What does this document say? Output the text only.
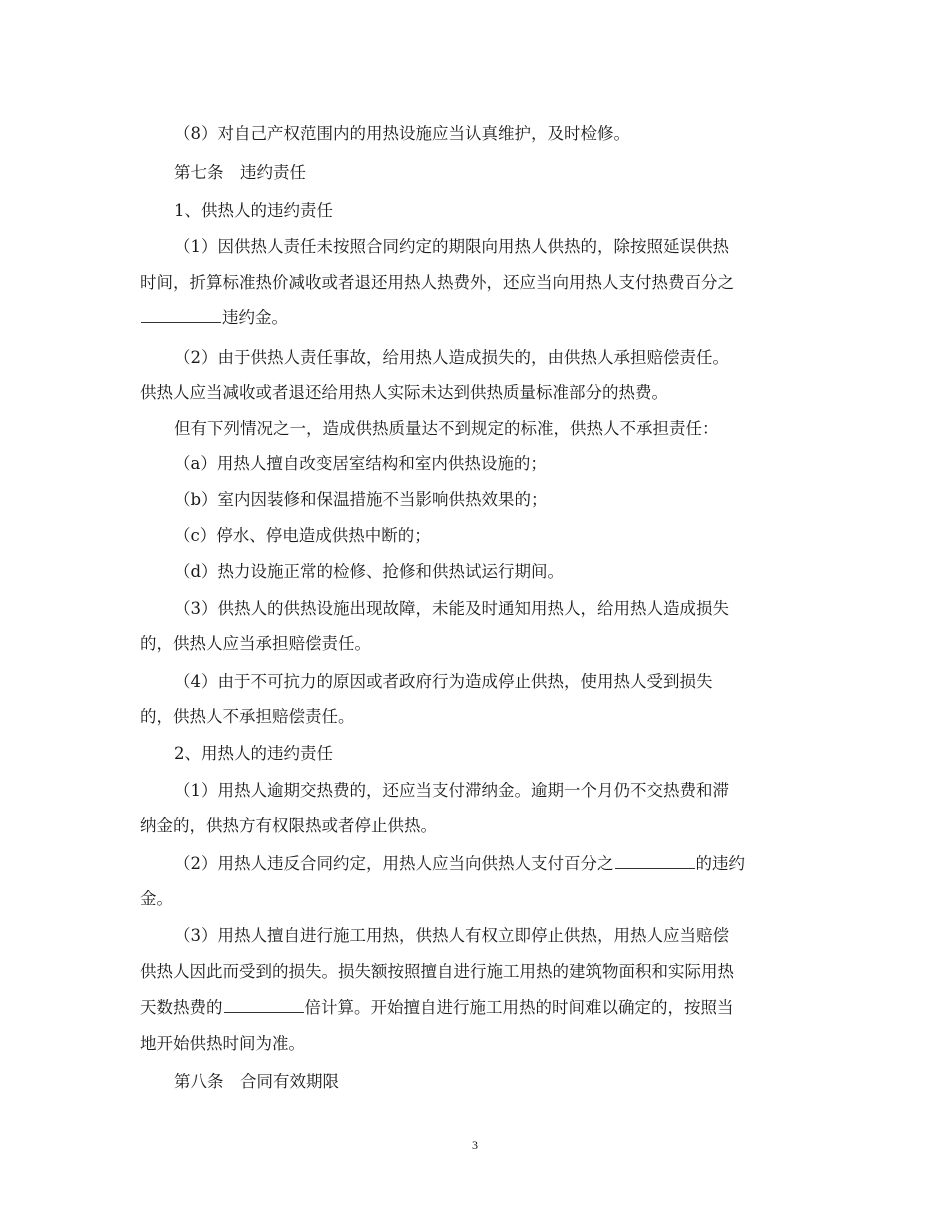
（8）对自己产权范围内的用热设施应当认真维护，及时检修。
第七条　违约责任
1、供热人的违约责任
（1）因供热人责任未按照合同约定的期限向用热人供热的，除按照延误供热
时间，折算标准热价减收或者退还用热人热费外，还应当向用热人支付热费百分之
违约金。
（2）由于供热人责任事故，给用热人造成损失的，由供热人承担赔偿责任。
供热人应当减收或者退还给用热人实际未达到供热质量标准部分的热费。
但有下列情况之一，造成供热质量达不到规定的标准，供热人不承担责任：
（a）用热人擅自改变居室结构和室内供热设施的；
（b）室内因装修和保温措施不当影响供热效果的；
（c）停水、停电造成供热中断的；
（d）热力设施正常的检修、抢修和供热试运行期间。
（3）供热人的供热设施出现故障，未能及时通知用热人，给用热人造成损失
的，供热人应当承担赔偿责任。
（4）由于不可抗力的原因或者政府行为造成停止供热，使用热人受到损失
的，供热人不承担赔偿责任。
2、用热人的违约责任
（1）用热人逾期交热费的，还应当支付滞纳金。逾期一个月仍不交热费和滞
纳金的，供热方有权限热或者停止供热。
（2）用热人违反合同约定，用热人应当向供热人支付百分之	的违约
金。
（3）用热人擅自进行施工用热，供热人有权立即停止供热，用热人应当赔偿
供热人因此而受到的损失。损失额按照擅自进行施工用热的建筑物面积和实际用热
天数热费的	倍计算。开始擅自进行施工用热的时间难以确定的，按照当
地开始供热时间为准。
第八条　合同有效期限
3
